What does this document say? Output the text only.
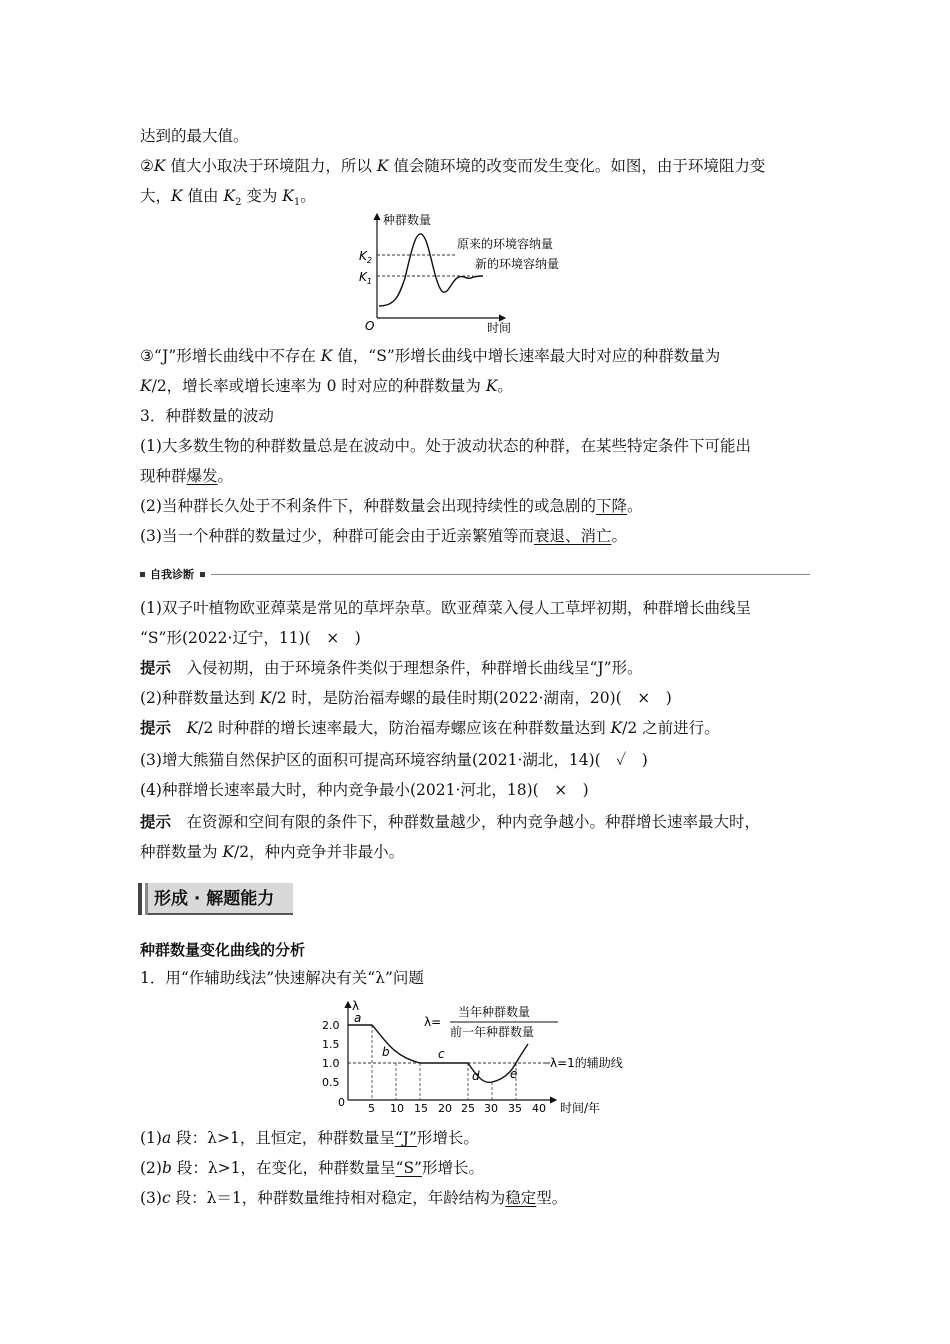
达到的最大值。
②K 值大小取决于环境阻力，所以 K 值会随环境的改变而发生变化。如图，由于环境阻力变
大，K 值由 $K_2$ 变为 $K_1$。
种群数量
时间
O
$K_2$
$K_1$
原来的环境容纳量
新的环境容纳量
③“J”形增长曲线中不存在 K 值，“S”形增长曲线中增长速率最大时对应的种群数量为
K/2，增长率或增长速率为 0 时对应的种群数量为 K。
3．种群数量的波动
(1)大多数生物的种群数量总是在波动中。处于波动状态的种群，在某些特定条件下可能出
现种群爆发。
(2)当种群长久处于不利条件下，种群数量会出现持续性的或急剧的下降。
(3)当一个种群的数量过少，种群可能会由于近亲繁殖等而衰退、消亡。
自我诊断
(1)双子叶植物欧亚蔊菜是常见的草坪杂草。欧亚蔊菜入侵人工草坪初期，种群增长曲线呈
“S”形(2022·辽宁，11)(　×　)
提示　入侵初期，由于环境条件类似于理想条件，种群增长曲线呈“J”形。
(2)种群数量达到 K/2 时，是防治福寿螺的最佳时期(2022·湖南，20)(　×　)
提示　 K/2 时种群的增长速率最大，防治福寿螺应该在种群数量达到 K/2 之前进行。
(3)增大熊猫自然保护区的面积可提高环境容纳量(2021·湖北，14)(　✓　)
(4)种群增长速率最大时，种内竞争最小(2021·河北，18)(　×　)
提示　在资源和空间有限的条件下，种群数量越少，种内竞争越小。种群增长速率最大时，
种群数量为 K/2，种内竞争并非最小。
形成 · 解题能力
种群数量变化曲线的分析
1．用“作辅助线法”快速解决有关“λ”问题
λ
时间/年
0
2.0
1.5
1.0
0.5
5 10 15 20 25 30 35 40
a
b	c
d	e
λ=
当年种群数量
前一年种群数量
λ=1的辅助线
(1)a 段：λ>1，且恒定，种群数量呈“J”形增长。
(2)b 段：λ>1，在变化，种群数量呈“S”形增长。
(3)c 段：λ＝1，种群数量维持相对稳定，年龄结构为稳定型。
